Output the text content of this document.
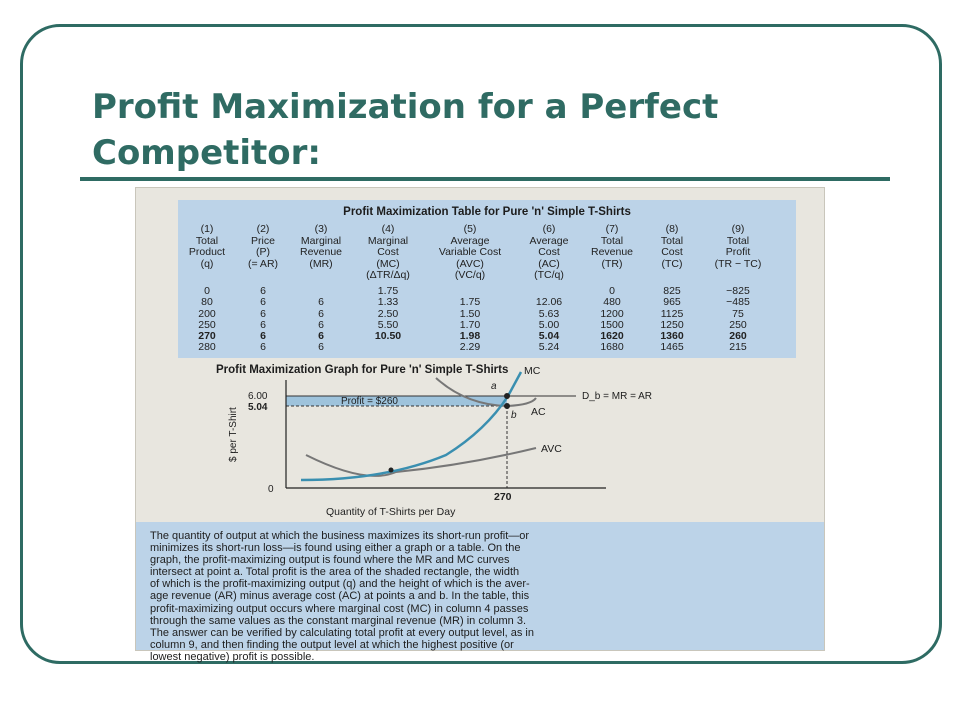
Profit Maximization for a Perfect
Competitor:
Profit Maximization Table for Pure 'n' Simple T-Shirts
(1)
Total
Product
(q)
0
80
200
250
270
280
(2)
Price
(P)
(= AR)
6
6
6
6
6
6
(3)
Marginal
Revenue
(MR)
6
6
6
6
6
(4)
Marginal
Cost
(MC)
(ΔTR/Δq)
1.75
1.33
2.50
5.50
10.50
(5)
Average
Variable Cost
(AVC)
(VC/q)
1.75
1.50
1.70
1.98
2.29
(6)
Average
Cost
(AC)
(TC/q)
12.06
5.63
5.00
5.04
5.24
(7)
Total
Revenue
(TR)
0
480
1200
1500
1620
1680
(8)
Total
Cost
(TC)
825
965
1125
1250
1360
1465
(9)
Total
Profit
(TR − TC)
−825
−485
75
250
260
215
Profit Maximization Graph for Pure 'n' Simple T-Shirts
$ per T-Shirt
Profit = $260	D_b = MR = AR
MC
AC
AVC
a
b
6.00
5.04
0
270
Quantity of T-Shirts per Day

The quantity of output at which the business maximizes its short-run profit—or
minimizes its short-run loss—is found using either a graph or a table. On the
graph, the profit-maximizing output is found where the MR and MC curves
intersect at point a. Total profit is the area of the shaded rectangle, the width
of which is the profit-maximizing output (q) and the height of which is the aver-
age revenue (AR) minus average cost (AC) at points a and b. In the table, this
profit-maximizing output occurs where marginal cost (MC) in column 4 passes
through the same values as the constant marginal revenue (MR) in column 3.
The answer can be verified by calculating total profit at every output level, as in
column 9, and then finding the output level at which the highest positive (or
lowest negative) profit is possible.
